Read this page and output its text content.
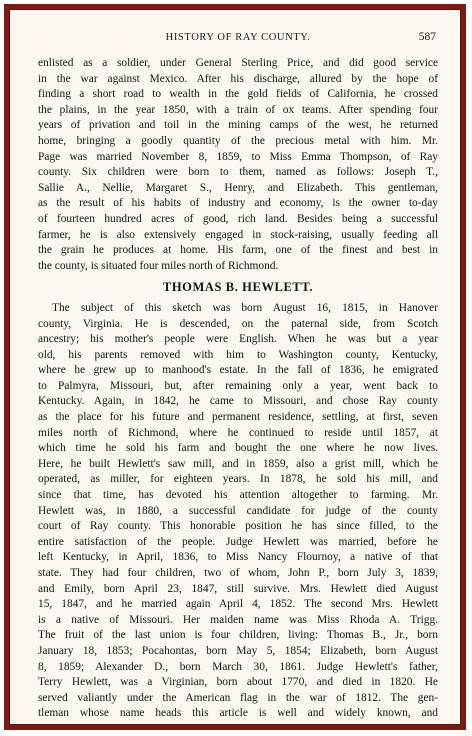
HISTORY OF RAY COUNTY.	587
enlisted as a soldier, under General Sterling Price, and did good service
in the war against Mexico. After his discharge, allured by the hope of
finding a short road to wealth in the gold fields of California, he crossed
the plains, in the year 1850, with a train of ox teams. After spending four
years of privation and toil in the mining camps of the west, he returned
home, bringing a goodly quantity of the precious metal with him. Mr.
Page was married November 8, 1859, to Miss Emma Thompson, of Ray
county. Six children were born to them, named as follows: Joseph T.,
Sallie A., Nellie, Margaret S., Henry, and Elizabeth. This gentleman,
as the result of his habits of industry and economy, is the owner to-day
of fourteen hundred acres of good, rich land. Besides being a successful
farmer, he is also extensively engaged in stock-raising, usually feeding all
the grain he produces at home. His farm, one of the finest and best in
the county, is situated four miles north of Richmond.
THOMAS B. HEWLETT.
The subject of this sketch was born August 16, 1815, in Hanover
county, Virginia. He is descended, on the paternal side, from Scotch
ancestry; his mother's people were English. When he was but a year
old, his parents removed with him to Washington county, Kentucky,
where he grew up to manhood's estate. In the fall of 1836, he emigrated
to Palmyra, Missouri, but, after remaining only a year, went back to
Kentucky. Again, in 1842, he came to Missouri, and chose Ray county
as the place for his future and permanent residence, settling, at first, seven
miles north of Richmond, where he continued to reside until 1857, at
which time he sold his farm and bought the one where he now lives.
Here, he built Hewlett's saw mill, and in 1859, also a grist mill, which he
operated, as miller, for eighteen years. In 1878, he sold his mill, and
since that time, has devoted his attention altogether to farming. Mr.
Hewlett was, in 1880, a successful candidate for judge of the county
court of Ray county. This honorable position he has since filled, to the
entire satisfaction of the people. Judge Hewlett was married, before he
left Kentucky, in April, 1836, to Miss Nancy Flournoy, a native of that
state. They had four children, two of whom, John P., born July 3, 1839,
and Emily, born April 23, 1847, still survive. Mrs. Hewlett died August
15, 1847, and he married again April 4, 1852. The second Mrs. Hewlett
is a native of Missouri. Her maiden name was Miss Rhoda A. Trigg.
The fruit of the last union is four children, living: Thomas B., Jr., born
January 18, 1853; Pocahontas, born May 5, 1854; Elizabeth, born August
8, 1859; Alexander D., born March 30, 1861. Judge Hewlett's father,
Terry Hewlett, was a Virginian, born about 1770, and died in 1820. He
served valiantly under the American flag in the war of 1812. The gen-
tleman whose name heads this article is well and widely known, and
